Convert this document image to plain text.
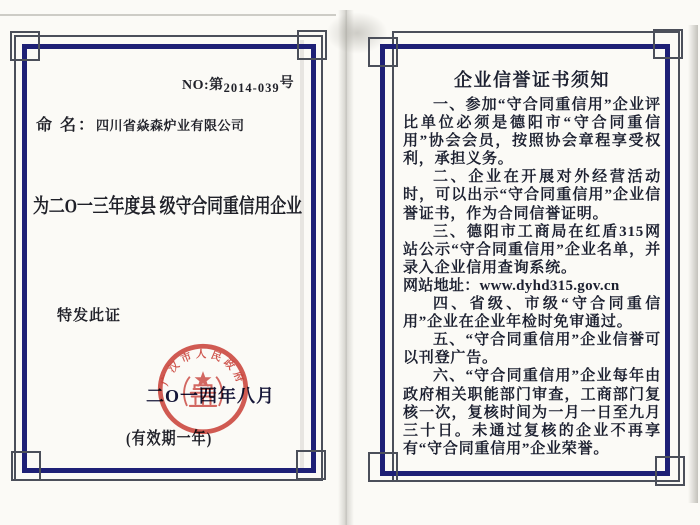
NO:第2014-039号
命 名： 四川省焱森炉业有限公司
为二O一三年度县 级守合同重信用企业
特发此证
广汉市人民政府
二O一四年八月
(有效期一年)
企业信誉证书须知

一、参加“守合同重信用”企业评比单位必须是德阳市“守合同重信用”协会会员，按照协会章程享受权利，承担义务。

二、企业在开展对外经营活动时，可以出示“守合同重信用”企业信誉证书，作为合同信誉证明。

三、德阳市工商局在红盾315网站公示“守合同重信用”企业名单，并录入企业信用查询系统。

网站地址：www.dyhd315.gov.cn

四、省级、市级“守合同重信用”企业在企业年检时免审通过。

五、“守合同重信用”企业信誉可以刊登广告。

六、“守合同重信用”企业每年由政府相关职能部门审查，工商部门复核一次，复核时间为一月一日至九月三十日。未通过复核的企业不再享有“守合同重信用”企业荣誉。
